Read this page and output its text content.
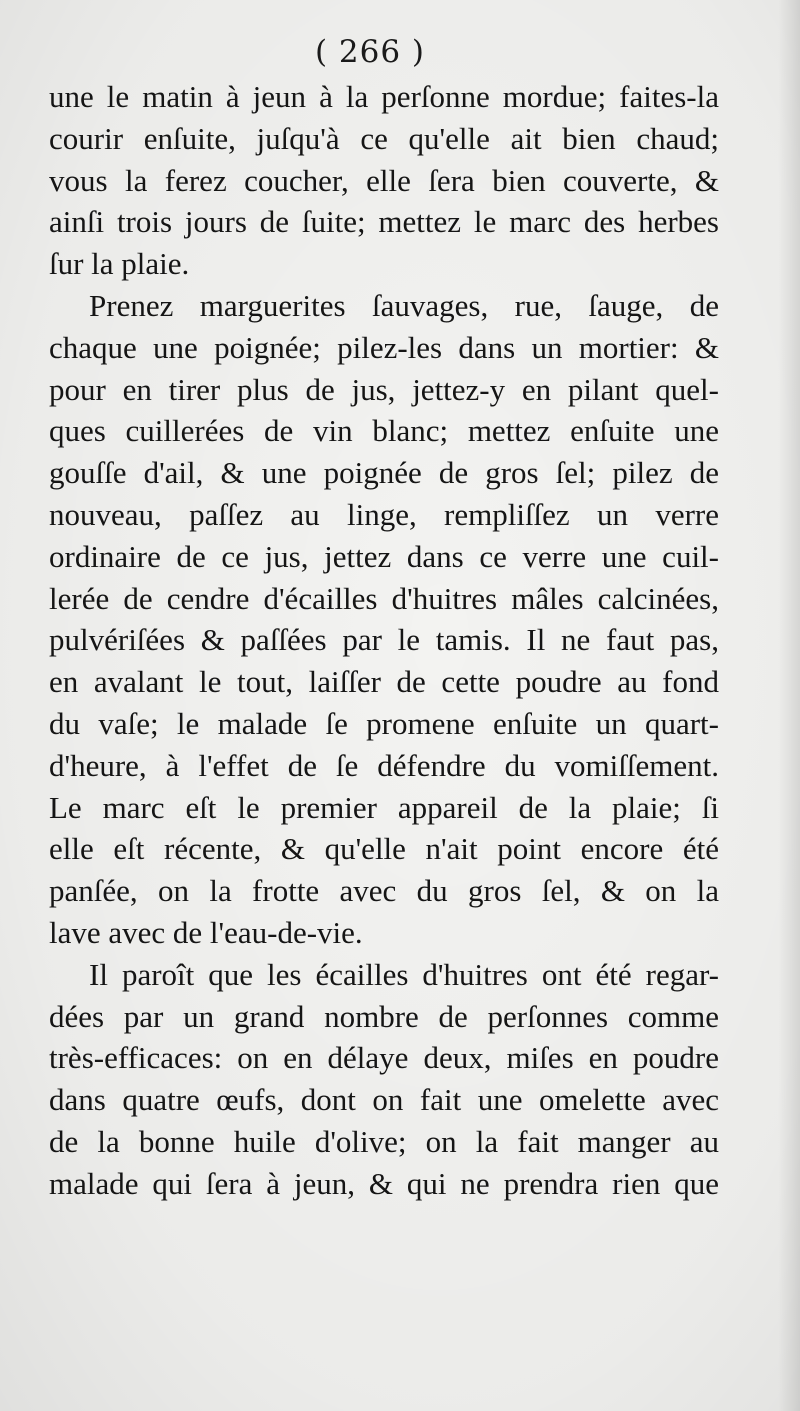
( 266 )
une le matin à jeun à la perſonne mordue; faites-la
courir enſuite, juſqu'à ce qu'elle ait bien chaud;
vous la ferez coucher, elle ſera bien couverte, &
ainſi trois jours de ſuite; mettez le marc des herbes
ſur la plaie.
Prenez marguerites ſauvages, rue, ſauge, de
chaque une poignée; pilez-les dans un mortier: &
pour en tirer plus de jus, jettez-y en pilant quel-
ques cuillerées de vin blanc; mettez enſuite une
gouſſe d'ail, & une poignée de gros ſel; pilez de
nouveau, paſſez au linge, rempliſſez un verre
ordinaire de ce jus, jettez dans ce verre une cuil-
lerée de cendre d'écailles d'huitres mâles calcinées,
pulvériſées & paſſées par le tamis. Il ne faut pas,
en avalant le tout, laiſſer de cette poudre au fond
du vaſe; le malade ſe promene enſuite un quart-
d'heure, à l'effet de ſe défendre du vomiſſement.
Le marc eſt le premier appareil de la plaie; ſi
elle eſt récente, & qu'elle n'ait point encore été
panſée, on la frotte avec du gros ſel, & on la
lave avec de l'eau-de-vie.
Il paroît que les écailles d'huitres ont été regar-
dées par un grand nombre de perſonnes comme
très-efficaces: on en délaye deux, miſes en poudre
dans quatre œufs, dont on fait une omelette avec
de la bonne huile d'olive; on la fait manger au
malade qui ſera à jeun, & qui ne prendra rien que
